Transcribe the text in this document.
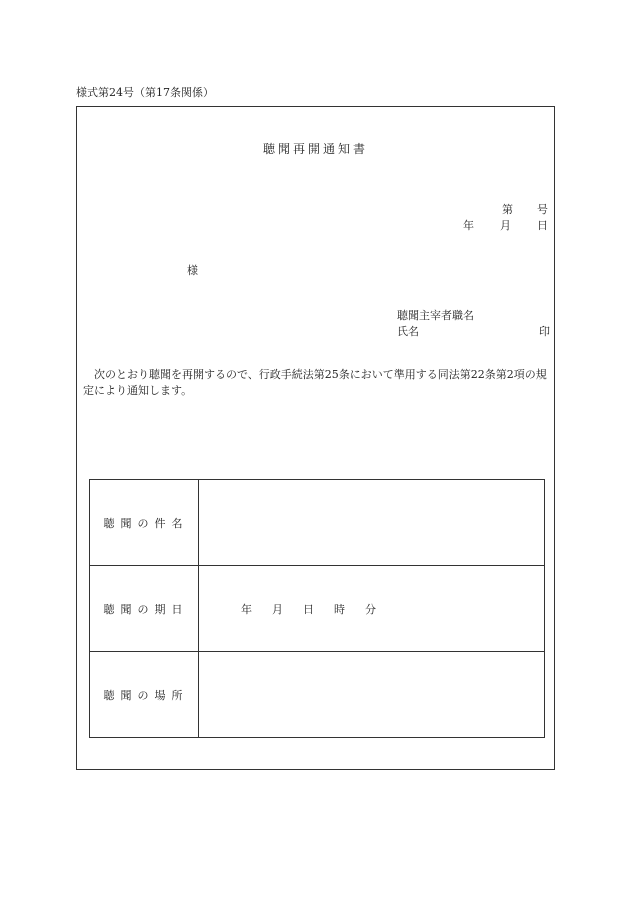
様式第24号（第17条関係）
聴聞再開通知書
第 号
年 月 日
様
聴聞主宰者職名
氏名	印
次のとおり聴聞を再開するので、行政手続法第25条において準用する同法第22条第2項の規定により通知します。
聴聞の件名	
聴聞の期日	年 月 日 時 分
聴聞の場所	
